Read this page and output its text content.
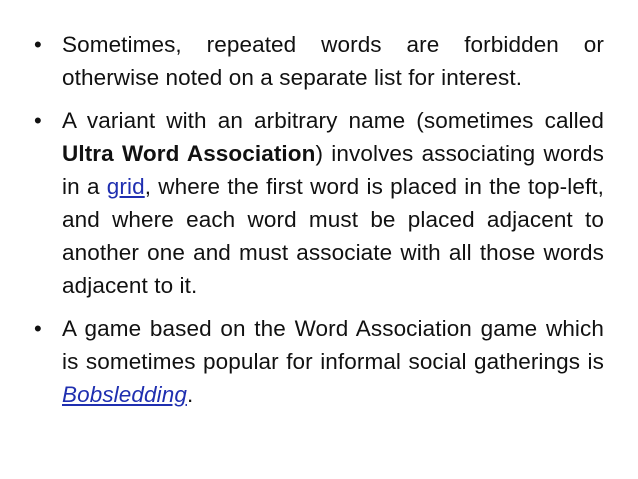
• Sometimes, repeated words are forbidden or otherwise noted on a separate list for interest.
• A variant with an arbitrary name (sometimes called Ultra Word Association) involves associating words in a grid, where the first word is placed in the top-left, and where each word must be placed adjacent to another one and must associate with all those words adjacent to it.
• A game based on the Word Association game which is sometimes popular for informal social gatherings is Bobsledding.
